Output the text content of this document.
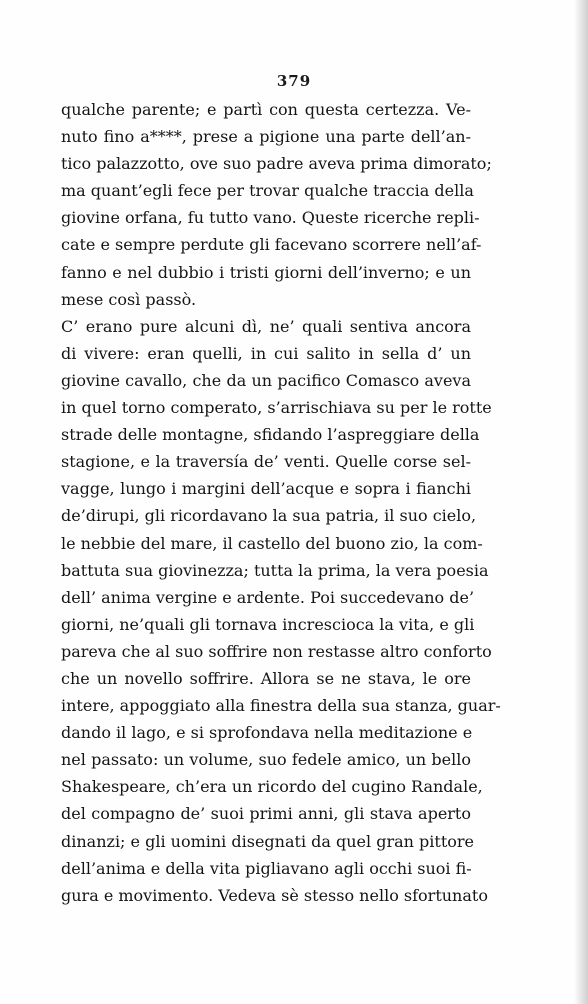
379
qualche parente; e partì con questa certezza. Ve-
nuto fino a****, prese a pigione una parte dell’an-
tico palazzotto, ove suo padre aveva prima dimorato;
ma quant’egli fece per trovar qualche traccia della
giovine orfana, fu tutto vano. Queste ricerche repli-
cate e sempre perdute gli facevano scorrere nell’af-
fanno e nel dubbio i tristi giorni dell’inverno; e un
mese così passò.
C’ erano pure alcuni dì, ne’ quali sentiva ancora
di vivere: eran quelli, in cui salito in sella d’ un
giovine cavallo, che da un pacifico Comasco aveva
in quel torno comperato, s’arrischiava su per le rotte
strade delle montagne, sfidando l’aspreggiare della
stagione, e la traversía de’ venti. Quelle corse sel-
vagge, lungo i margini dell’acque e sopra i fianchi
de’dirupi, gli ricordavano la sua patria, il suo cielo,
le nebbie del mare, il castello del buono zio, la com-
battuta sua giovinezza; tutta la prima, la vera poesia
dell’ anima vergine e ardente. Poi succedevano de’
giorni, ne’quali gli tornava increscioса la vita, e gli
pareva che al suo soffrire non restasse altro conforto
che un novello soffrire. Allora se ne stava, le ore
intere, appoggiato alla finestra della sua stanza, guar-
dando il lago, e si sprofondava nella meditazione e
nel passato: un volume, suo fedele amico, un bello
Shakespeare, ch’era un ricordo del cugino Randale,
del compagno de’ suoi primi anni, gli stava aperto
dinanzi; e gli uomini disegnati da quel gran pittore
dell’anima e della vita pigliavano agli occhi suoi fi-
gura e movimento. Vedeva sè stesso nello sfortunato
